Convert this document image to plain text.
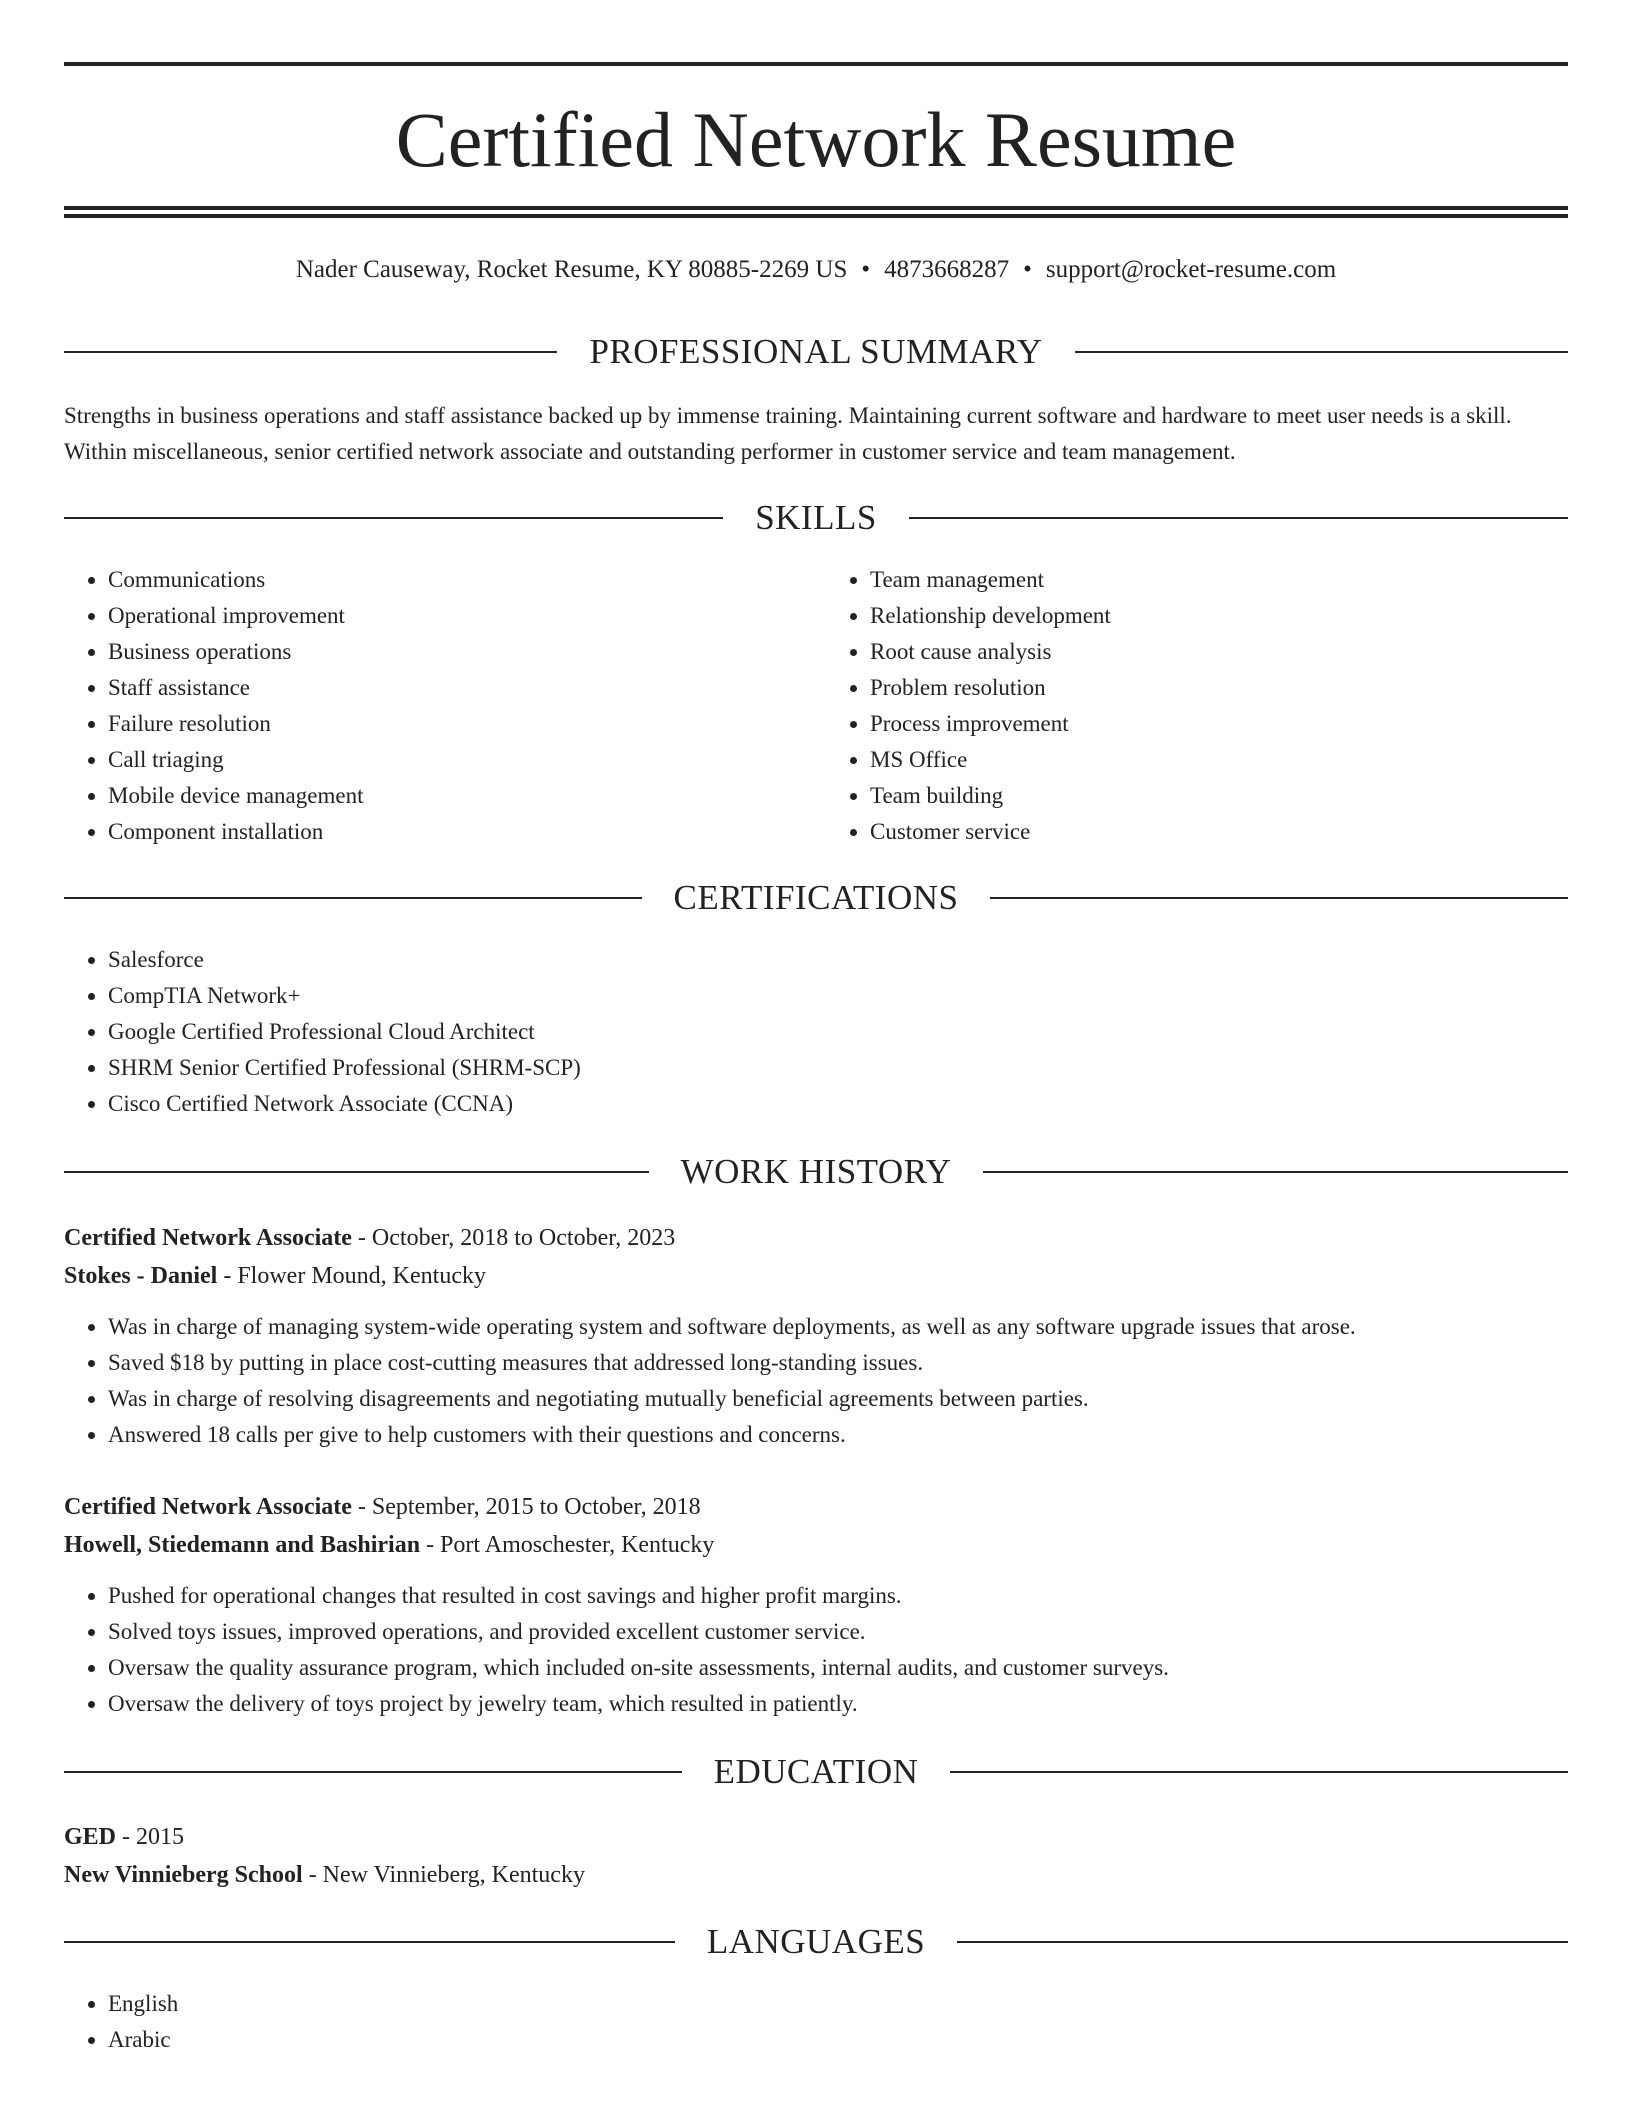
Certified Network Resume
Nader Causeway, Rocket Resume, KY 80885-2269 US • 4873668287 • support@rocket-resume.com
PROFESSIONAL SUMMARY

Strengths in business operations and staff assistance backed up by immense training. Maintaining current software and hardware to meet user needs is a skill. Within miscellaneous, senior certified network associate and outstanding performer in customer service and team management.

SKILLS
• Communications
• Operational improvement
• Business operations
• Staff assistance
• Failure resolution
• Call triaging
• Mobile device management
• Component installation
• Team management
• Relationship development
• Root cause analysis
• Problem resolution
• Process improvement
• MS Office
• Team building
• Customer service
CERTIFICATIONS
• Salesforce
• CompTIA Network+
• Google Certified Professional Cloud Architect
• SHRM Senior Certified Professional (SHRM-SCP)
• Cisco Certified Network Associate (CCNA)
WORK HISTORY
Certified Network Associate - October, 2018 to October, 2023
Stokes - Daniel - Flower Mound, Kentucky
• Was in charge of managing system-wide operating system and software deployments, as well as any software upgrade issues that arose.
• Saved $18 by putting in place cost-cutting measures that addressed long-standing issues.
• Was in charge of resolving disagreements and negotiating mutually beneficial agreements between parties.
• Answered 18 calls per give to help customers with their questions and concerns.
Certified Network Associate - September, 2015 to October, 2018
Howell, Stiedemann and Bashirian - Port Amoschester, Kentucky
• Pushed for operational changes that resulted in cost savings and higher profit margins.
• Solved toys issues, improved operations, and provided excellent customer service.
• Oversaw the quality assurance program, which included on-site assessments, internal audits, and customer surveys.
• Oversaw the delivery of toys project by jewelry team, which resulted in patiently.
EDUCATION
GED - 2015
New Vinnieberg School - New Vinnieberg, Kentucky
LANGUAGES
• English
• Arabic
